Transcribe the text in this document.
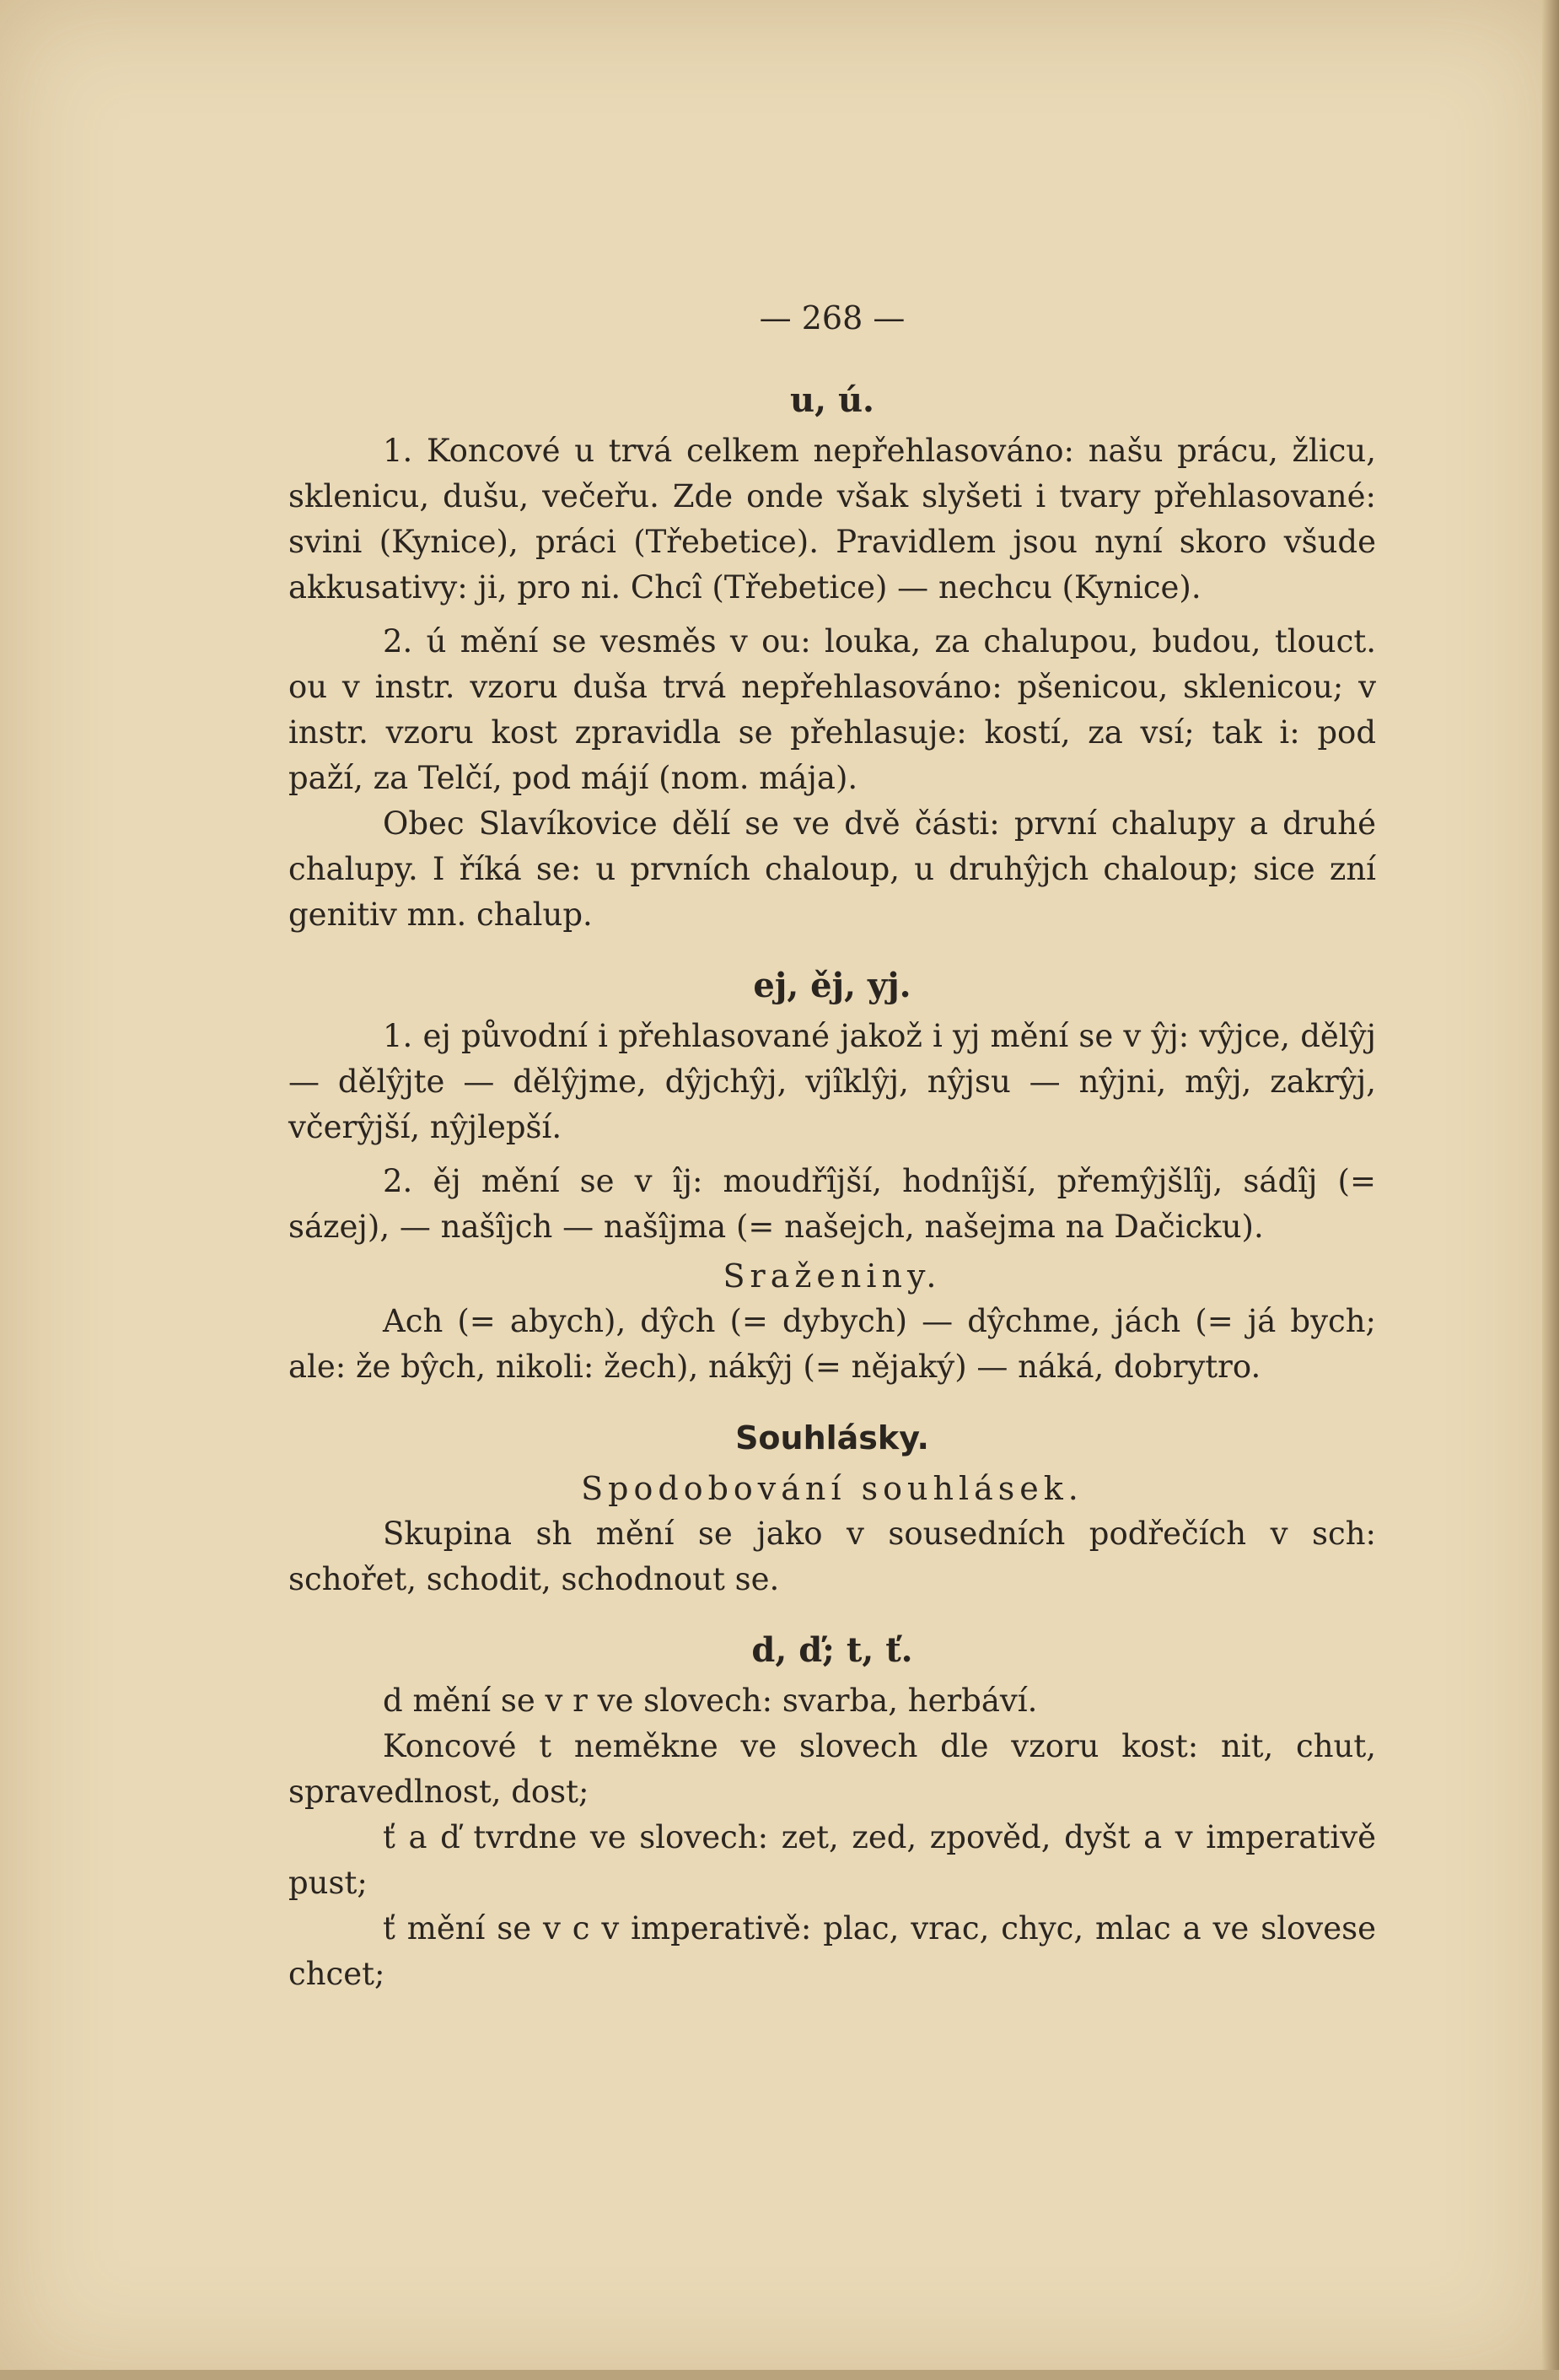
— 268 —
u, ú.

1. Koncové u trvá celkem nepřehlasováno: našu prácu, žlicu, sklenicu, dušu, večeřu. Zde onde však slyšeti i tvary přehlasované: svini (Kynice), práci (Třebetice). Pravidlem jsou nyní skoro všude akkusativy: ji, pro ni. Chcî (Třebetice) — nechcu (Kynice).

2. ú mění se vesměs v ou: louka, za chalupou, budou, tlouct. ou v instr. vzoru duša trvá nepřehlasováno: pšenicou, sklenicou; v instr. vzoru kost zpravidla se přehlasuje: kostí, za vsí; tak i: pod paží, za Telčí, pod májí (nom. mája).

Obec Slavíkovice dělí se ve dvě části: první chalupy a druhé chalupy. I říká se: u prvních chaloup, u druhŷjch chaloup; sice zní genitiv mn. chalup.

ej, ěj, yj.

1. ej původní i přehlasované jakož i yj mění se v ŷj: vŷjce, dělŷj — dělŷjte — dělŷjme, dŷjchŷj, vjîklŷj, nŷjsu — nŷjni, mŷj, zakrŷj, včerŷjší, nŷjlepší.

2. ěj mění se v îj: moudřîjší, hodnîjší, přemŷjšlîj, sádîj (= sázej), — našîjch — našîjma (= našejch, našejma na Dačicku).

Sraženiny.

Ach (= abych), dŷch (= dybych) — dŷchme, jách (= já bych; ale: že bŷch, nikoli: žech), nákŷj (= nějaký) — náká, dobrytro.

Souhlásky.
Spodobování souhlásek.

Skupina sh mění se jako v sousedních podřečích v sch: schořet, schodit, schodnout se.

d, ď; t, ť.

d mění se v r ve slovech: svarba, herbáví.

Koncové t neměkne ve slovech dle vzoru kost: nit, chut, spravedlnost, dost;

ť a ď tvrdne ve slovech: zet, zed, zpověd, dyšt a v imperativě pust;

ť mění se v c v imperativě: plac, vrac, chyc, mlac a ve slovese chcet;
